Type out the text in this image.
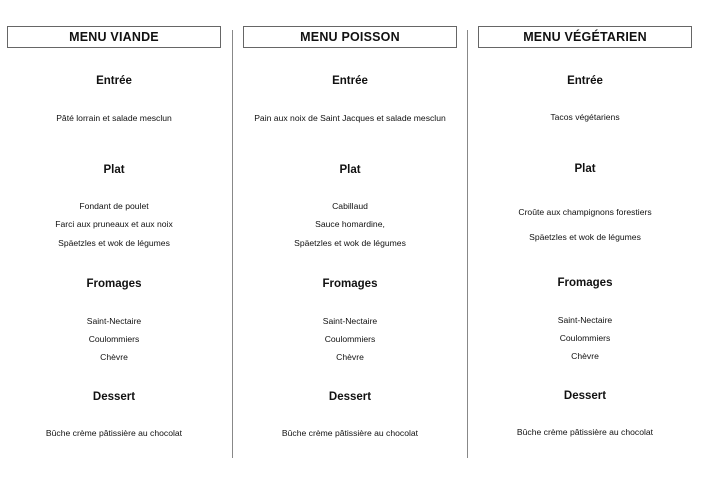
MENU VIANDE
Entrée
Pâté lorrain et salade mesclun
Plat
Fondant de poulet
Farci aux pruneaux et aux noix
Späetzles et wok de légumes
Fromages
Saint-Nectaire
Coulommiers
Chèvre
Dessert
Bûche crème pâtissière au chocolat
MENU POISSON
Entrée
Pain aux noix de Saint Jacques et salade mesclun
Plat
Cabillaud
Sauce homardine,
Späetzles et wok de légumes
Fromages
Saint-Nectaire
Coulommiers
Chèvre
Dessert
Bûche crème pâtissière au chocolat
MENU VÉGÉTARIEN
Entrée
Tacos végétariens
Plat
Croûte aux champignons forestiers
Späetzles et wok de légumes
Fromages
Saint-Nectaire
Coulommiers
Chèvre
Dessert
Bûche crème pâtissière au chocolat
